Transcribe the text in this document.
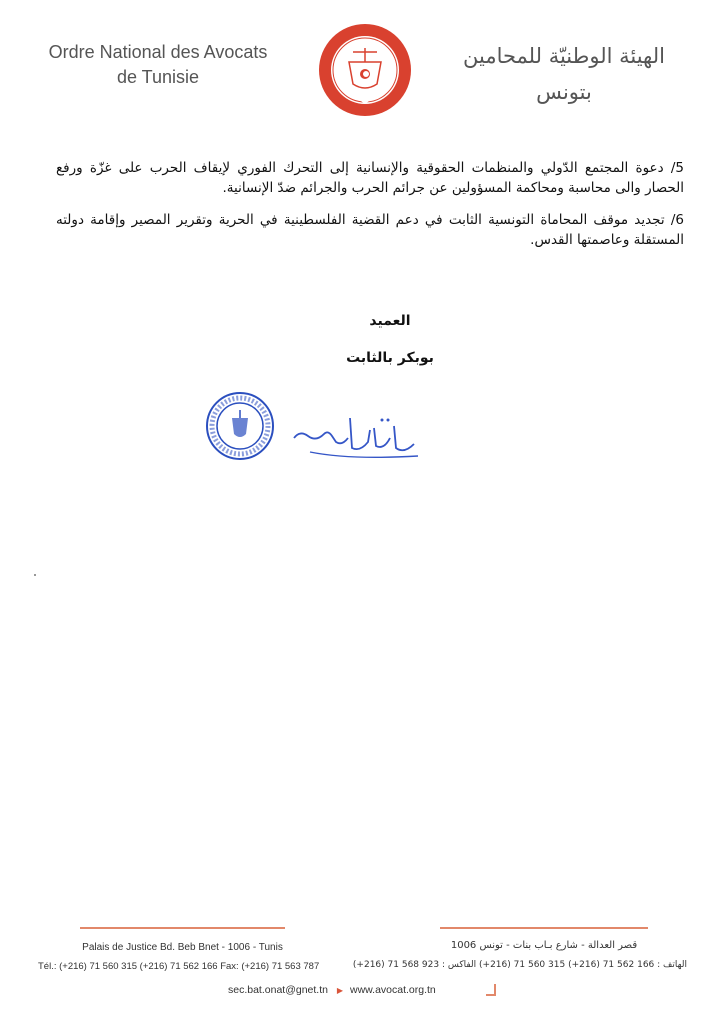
Ordre National des Avocats
de Tunisie
الهيئة الوطنيّة للمحامين
بتونس

5/ دعوة المجتمع الدّولي والمنظمات الحقوقية والإنسانية إلى التحرك الفوري لإيقاف الحرب على غزّة ورفع الحصار والى محاسبة ومحاكمة المسؤولين عن جرائم الحرب والجرائم ضدّ الإنسانية.

6/ تجديد موقف المحاماة التونسية الثابت في دعم القضية الفلسطينية في الحرية وتقرير المصير وإقامة دولته المستقلة وعاصمتها القدس.

العميد
بوبكر بالثابت
Palais de Justice Bd. Beb Bnet - 1006 - Tunis
Tél.: (+216) 71 560 315 (+216) 71 562 166 Fax: (+216) 71 563 787
قصر العدالة - شارع بـاب بنات - تونس 1006
الهاتف : 166 562 71 (216+) 315 560 71 (216+) الفاكس : 923 568 71 (216+)
sec.bat.onat@gnet.tn ▶ www.avocat.org.tn
